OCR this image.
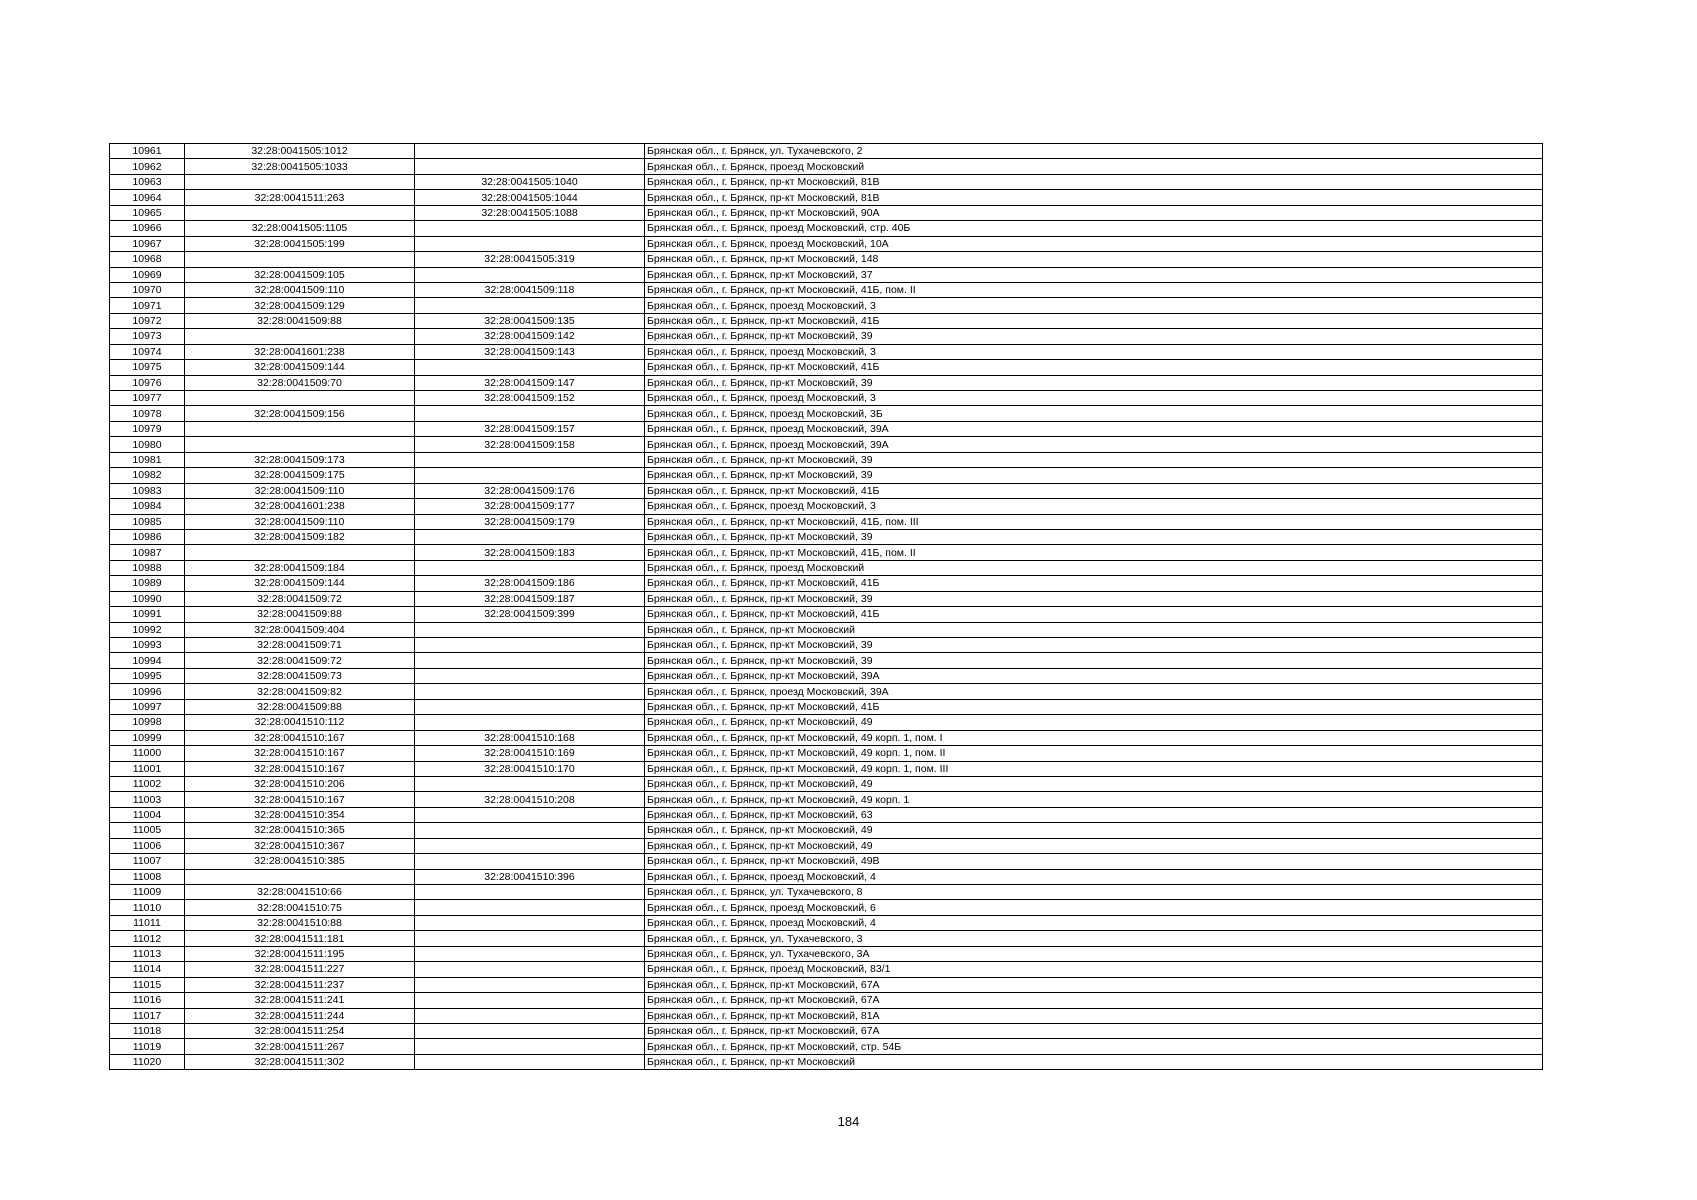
10961	32:28:0041505:1012		Брянская обл., г. Брянск, ул. Тухачевского, 2
10962	32:28:0041505:1033		Брянская обл., г. Брянск, проезд Московский
10963		32:28:0041505:1040	Брянская обл., г. Брянск, пр-кт Московский, 81В
10964	32:28:0041511:263	32:28:0041505:1044	Брянская обл., г. Брянск, пр-кт Московский, 81В
10965		32:28:0041505:1088	Брянская обл., г. Брянск, пр-кт Московский, 90А
10966	32:28:0041505:1105		Брянская обл., г. Брянск, проезд Московский, стр. 40Б
10967	32:28:0041505:199		Брянская обл., г. Брянск, проезд Московский, 10А
10968		32:28:0041505:319	Брянская обл., г. Брянск, пр-кт Московский, 148
10969	32:28:0041509:105		Брянская обл., г. Брянск, пр-кт Московский, 37
10970	32:28:0041509:110	32:28:0041509:118	Брянская обл., г. Брянск, пр-кт Московский, 41Б, пом. II
10971	32:28:0041509:129		Брянская обл., г. Брянск, проезд Московский, 3
10972	32:28:0041509:88	32:28:0041509:135	Брянская обл., г. Брянск, пр-кт Московский, 41Б
10973		32:28:0041509:142	Брянская обл., г. Брянск, пр-кт Московский, 39
10974	32:28:0041601:238	32:28:0041509:143	Брянская обл., г. Брянск, проезд Московский, 3
10975	32:28:0041509:144		Брянская обл., г. Брянск, пр-кт Московский, 41Б
10976	32:28:0041509:70	32:28:0041509:147	Брянская обл., г. Брянск, пр-кт Московский, 39
10977		32:28:0041509:152	Брянская обл., г. Брянск, проезд Московский, 3
10978	32:28:0041509:156		Брянская обл., г. Брянск, проезд Московский, 3Б
10979		32:28:0041509:157	Брянская обл., г. Брянск, проезд Московский, 39А
10980		32:28:0041509:158	Брянская обл., г. Брянск, проезд Московский, 39А
10981	32:28:0041509:173		Брянская обл., г. Брянск, пр-кт Московский, 39
10982	32:28:0041509:175		Брянская обл., г. Брянск, пр-кт Московский, 39
10983	32:28:0041509:110	32:28:0041509:176	Брянская обл., г. Брянск, пр-кт Московский, 41Б
10984	32:28:0041601:238	32:28:0041509:177	Брянская обл., г. Брянск, проезд Московский, 3
10985	32:28:0041509:110	32:28:0041509:179	Брянская обл., г. Брянск, пр-кт Московский, 41Б, пом. III
10986	32:28:0041509:182		Брянская обл., г. Брянск, пр-кт Московский, 39
10987		32:28:0041509:183	Брянская обл., г. Брянск, пр-кт Московский, 41Б, пом. II
10988	32:28:0041509:184		Брянская обл., г. Брянск, проезд Московский
10989	32:28:0041509:144	32:28:0041509:186	Брянская обл., г. Брянск, пр-кт Московский, 41Б
10990	32:28:0041509:72	32:28:0041509:187	Брянская обл., г. Брянск, пр-кт Московский, 39
10991	32:28:0041509:88	32:28:0041509:399	Брянская обл., г. Брянск, пр-кт Московский, 41Б
10992	32:28:0041509:404		Брянская обл., г. Брянск, пр-кт Московский
10993	32:28:0041509:71		Брянская обл., г. Брянск, пр-кт Московский, 39
10994	32:28:0041509:72		Брянская обл., г. Брянск, пр-кт Московский, 39
10995	32:28:0041509:73		Брянская обл., г. Брянск, пр-кт Московский, 39А
10996	32:28:0041509:82		Брянская обл., г. Брянск, проезд Московский, 39А
10997	32:28:0041509:88		Брянская обл., г. Брянск, пр-кт Московский, 41Б
10998	32:28:0041510:112		Брянская обл., г. Брянск, пр-кт Московский, 49
10999	32:28:0041510:167	32:28:0041510:168	Брянская обл., г. Брянск, пр-кт Московский, 49 корп. 1, пом. I
11000	32:28:0041510:167	32:28:0041510:169	Брянская обл., г. Брянск, пр-кт Московский, 49 корп. 1, пом. II
11001	32:28:0041510:167	32:28:0041510:170	Брянская обл., г. Брянск, пр-кт Московский, 49 корп. 1, пом. III
11002	32:28:0041510:206		Брянская обл., г. Брянск, пр-кт Московский, 49
11003	32:28:0041510:167	32:28:0041510:208	Брянская обл., г. Брянск, пр-кт Московский, 49 корп. 1
11004	32:28:0041510:354		Брянская обл., г. Брянск, пр-кт Московский, 63
11005	32:28:0041510:365		Брянская обл., г. Брянск, пр-кт Московский, 49
11006	32:28:0041510:367		Брянская обл., г. Брянск, пр-кт Московский, 49
11007	32:28:0041510:385		Брянская обл., г. Брянск, пр-кт Московский, 49В
11008		32:28:0041510:396	Брянская обл., г. Брянск, проезд Московский, 4
11009	32:28:0041510:66		Брянская обл., г. Брянск, ул. Тухачевского, 8
11010	32:28:0041510:75		Брянская обл., г. Брянск, проезд Московский, 6
11011	32:28:0041510:88		Брянская обл., г. Брянск, проезд Московский, 4
11012	32:28:0041511:181		Брянская обл., г. Брянск, ул. Тухачевского, 3
11013	32:28:0041511:195		Брянская обл., г. Брянск, ул. Тухачевского, 3А
11014	32:28:0041511:227		Брянская обл., г. Брянск, проезд Московский, 83/1
11015	32:28:0041511:237		Брянская обл., г. Брянск, пр-кт Московский, 67А
11016	32:28:0041511:241		Брянская обл., г. Брянск, пр-кт Московский, 67А
11017	32:28:0041511:244		Брянская обл., г. Брянск, пр-кт Московский, 81А
11018	32:28:0041511:254		Брянская обл., г. Брянск, пр-кт Московский, 67А
11019	32:28:0041511:267		Брянская обл., г. Брянск, пр-кт Московский, стр. 54Б
11020	32:28:0041511:302		Брянская обл., г. Брянск, пр-кт Московский
184
